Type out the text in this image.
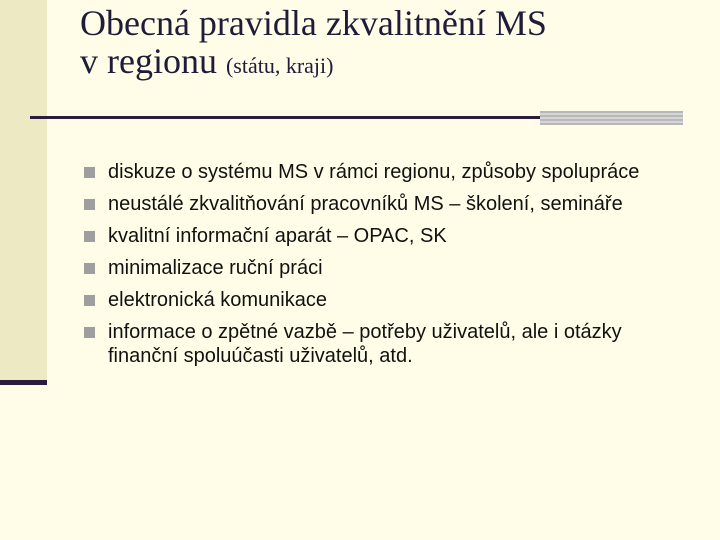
Obecná pravidla zkvalitnění MS
v regionu (státu, kraji)
diskuze o systému MS v rámci regionu, způsoby spolupráce
neustálé zkvalitňování pracovníků MS – školení, semináře
kvalitní informační aparát – OPAC, SK
minimalizace ruční práci
elektronická komunikace
informace o zpětné vazbě – potřeby uživatelů, ale i otázky finanční spoluúčasti uživatelů, atd.
